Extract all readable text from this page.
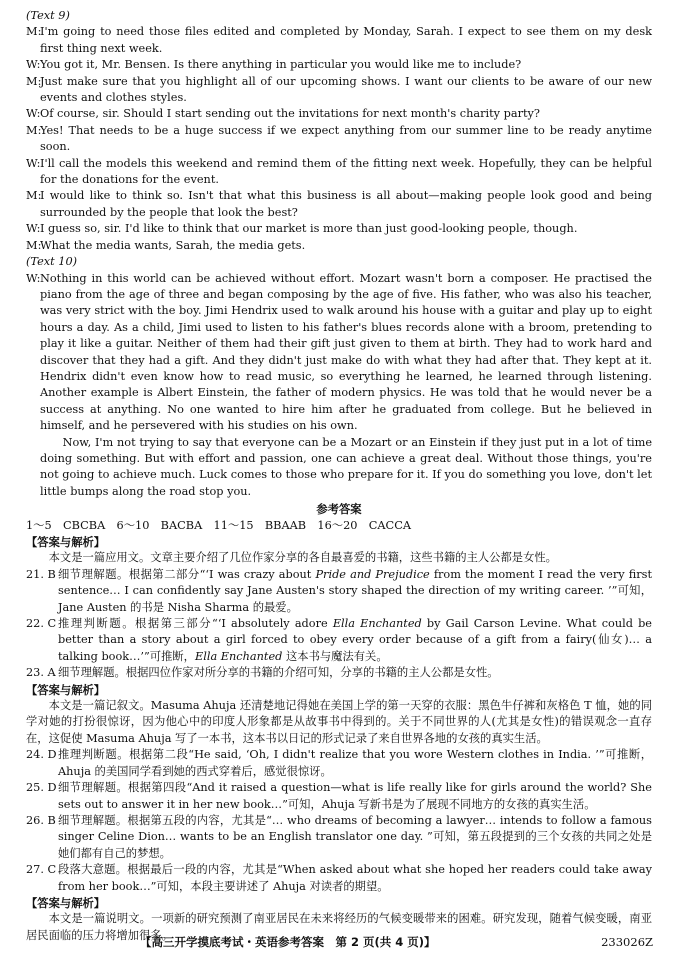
(Text 9)
M:
I'm going to need those files edited and completed by Monday, Sarah. I expect to see them on my desk first thing next week.
W: You got it, Mr. Bensen. Is there anything in particular you would like me to include?
M:
Just make sure that you highlight all of our upcoming shows. I want our clients to be aware of our new events and clothes styles.
W: Of course, sir. Should I start sending out the invitations for next month's charity party?
M:
Yes! That needs to be a huge success if we expect anything from our summer line to be ready anytime soon.
W: I'll call the models this weekend and remind them of the fitting next week. Hopefully, they can be helpful for the donations for the event.
M:
I would like to think so. Isn't that what this business is all about—making people look good and being surrounded by the people that look the best?
W: I guess so, sir. I'd like to think that our market is more than just good-looking people, though.
M:
What the media wants, Sarah, the media gets.
(Text 10)
W: Nothing in this world can be achieved without effort. Mozart wasn't born a composer. He practised the piano from the age of three and began composing by the age of five. His father, who was also his teacher, was very strict with the boy. Jimi Hendrix used to walk around his house with a guitar and play up to eight hours a day. As a child, Jimi used to listen to his father's blues records alone with a broom, pretending to play it like a guitar. Neither of them had their gift just given to them at birth. They had to work hard and discover that they had a gift. And they didn't just make do with what they had after that. They kept at it. Hendrix didn't even know how to read music, so everything he learned, he learned through listening. Another example is Albert Einstein, the father of modern physics. He was told that he would never be a success at anything. No one wanted to hire him after he graduated from college. But he believed in himself, and he persevered with his studies on his own.
Now, I'm not trying to say that everyone can be a Mozart or an Einstein if they just put in a lot of time doing something. But with effort and passion, one can achieve a great deal. Without those things, you're not going to achieve much. Luck comes to those who prepare for it. If you do something you love, don't let little bumps along the road stop you.
参考答案
1～5　CBCBA　6～10　BACBA　11～15　BBAAB　16～20　CACCA
【答案与解析】
本文是一篇应用文。文章主要介绍了几位作家分享的各自最喜爱的书籍，这些书籍的主人公都是女性。
21. B 细节理解题。根据第二部分“‘I was crazy about Pride and Prejudice from the moment I read the very first sentence… I can confidently say Jane Austen's story shaped the direction of my writing career. ’”可知，Jane Austen 的书是 Nisha Sharma 的最爱。
22. C 推理判断题。根据第三部分“‘I absolutely adore Ella Enchanted by Gail Carson Levine. What could be better than a story about a girl forced to obey every order because of a gift from a fairy(仙女)… a talking book…’”可推断，Ella Enchanted 这本书与魔法有关。
23. A 细节理解题。根据四位作家对所分享的书籍的介绍可知，分享的书籍的主人公都是女性。
【答案与解析】
本文是一篇记叙文。Masuma Ahuja 还清楚地记得她在美国上学的第一天穿的衣服：黑色牛仔裤和灰格色 T 恤，她的同学对她的打扮很惊讶，因为他心中的印度人形象都是从故事书中得到的。关于不同世界的人(尤其是女性)的错误观念一直存在，这促使 Masuma Ahuja 写了一本书，这本书以日记的形式记录了来自世界各地的女孩的真实生活。
24. D 推理判断题。根据第二段“He said, ‘Oh, I didn't realize that you wore Western clothes in India. ’”可推断，Ahuja 的美国同学看到她的西式穿着后，感觉很惊讶。
25. D 细节理解题。根据第四段“And it raised a question—what is life really like for girls around the world? She sets out to answer it in her new book…”可知，Ahuja 写新书是为了展现不同地方的女孩的真实生活。
26. B 细节理解题。根据第五段的内容，尤其是“… who dreams of becoming a lawyer… intends to follow a famous singer Celine Dion… wants to be an English translator one day. ”可知，第五段提到的三个女孩的共同之处是她们都有自己的梦想。
27. C 段落大意题。根据最后一段的内容，尤其是“When asked about what she hoped her readers could take away from her book…”可知，本段主要讲述了 Ahuja 对读者的期望。
【答案与解析】
本文是一篇说明文。一项新的研究预测了南亚居民在未来将经历的气候变暖带来的困难。研究发现，随着气候变暖，南亚居民面临的压力将增加很多。
【高三开学摸底考试・英语参考答案　第 2 页(共 4 页)】	233026Z
